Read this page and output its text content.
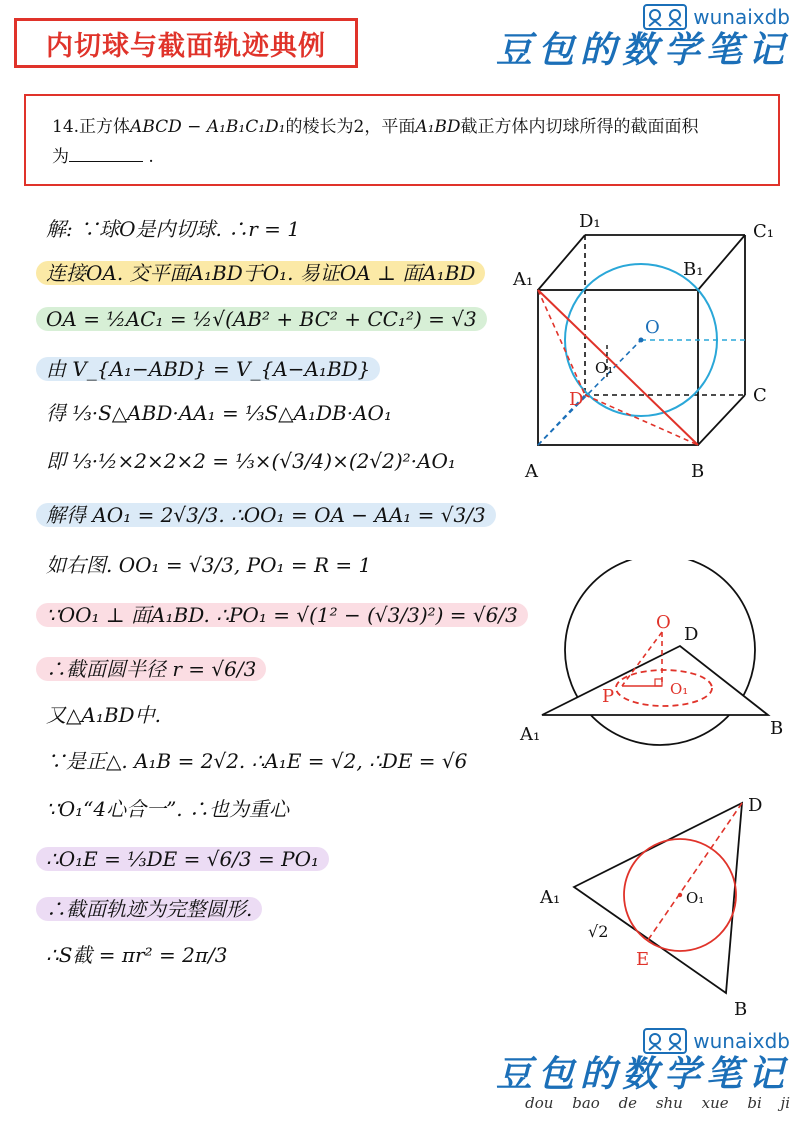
内切球与截面轨迹典例
wunaixdb
豆包的数学笔记
14.正方体ABCD − A₁B₁C₁D₁的棱长为2，平面A₁BD截正方体内切球所得的截面面积
为	.
解: ∵球O是内切球. ∴r = 1
连接OA. 交平面A₁BD于O₁. 易证OA ⊥ 面A₁BD
OA = ½AC₁ = ½√(AB² + BC² + CC₁²) = √3
由 V_{A₁−ABD} = V_{A−A₁BD}
得 ⅓·S△ABD·AA₁ = ⅓S△A₁DB·AO₁
即 ⅓·½×2×2×2 = ⅓×(√3/4)×(2√2)²·AO₁
解得 AO₁ = 2√3/3. ∴OO₁ = OA − AA₁ = √3/3
如右图. OO₁ = √3/3, PO₁ = R = 1
∵OO₁ ⊥ 面A₁BD. ∴PO₁ = √(1² − (√3/3)²) = √6/3
∴截面圆半径 r = √6/3
又△A₁BD中.
∵是正△. A₁B = 2√2. ∴A₁E = √2, ∴DE = √6
∵O₁“4心合一”. ∴也为重心
∴O₁E = ⅓DE = √6/3 = PO₁
∴截面轨迹为完整圆形.
∴S截 = πr² = 2π/3
D₁	C₁
A₁	B₁
O
O₁
D	C
A	B
O
D
P	O₁
A₁	B
D
A₁	O₁
√2
E
B
wunaixdb
豆包的数学笔记
dou bao de shu xue bi ji
